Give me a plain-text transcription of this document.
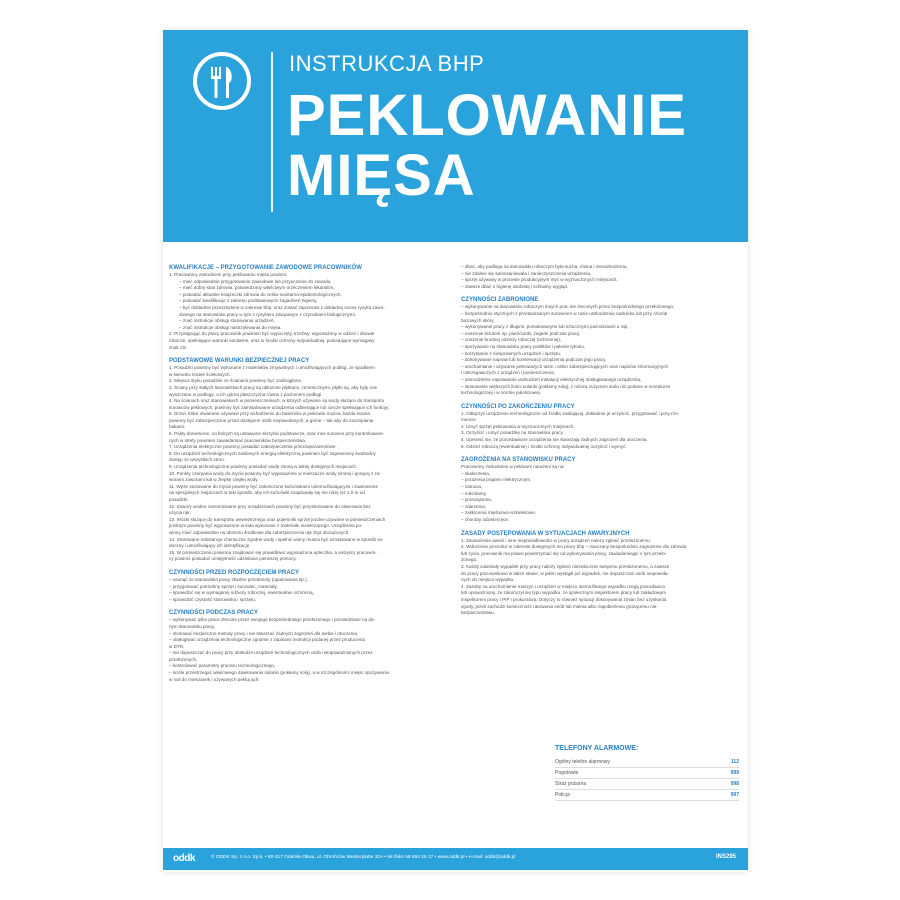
INSTRUKCJA BHP
PEKLOWANIE
MIĘSA
KWALIFIKACJE – PRZYGOTOWANIE ZAWODOWE PRACOWNIKÓW
1. Pracownicy zatrudnieni przy peklowaniu mięsa powinni:
– mieć odpowiednie przygotowanie zawodowe lub przyuczenie do zawodu,
– mieć dobry stan zdrowia, potwierdzony właściwym orzeczeniem lekarskim,
– posiadać aktualne książeczki zdrowia do celów sanitarno-epidemiologicznych,
– posiadać kwalifikacje z zakresu podstawowych zagadnień higieny,
– być dokładnie przeszkolone w zakresie bhp, oraz zostać zapoznani z dokładną ocenę ryzyka zawo-
dowego na stanowisku pracy w tym z ryzykiem związanym z czynnikami biologicznymi,
– znać instrukcje obsługi stosowania urządzeń,
– znać instrukcje obsługi nastrzykiwania do mięsa.
2. Przystępując do pracy pracownik powinien być wypoczęty, trzeźwy, wyposażony w odzież i obuwie
robocze, spełniające warunki sanitarne, oraz w środki ochrony indywidualnej, posiadające wymagany
znak CE.
PODSTAWOWE WARUNKI BEZPIECZNEJ PRACY
1. Posadzki powinny być wykonane z materiałów zmywalnych i umożliwiających podłóg, ze spadkiem
w kierunku kratek ściekowych.
2. Miejsca styku posadzek ze ścianami powinny być zaokrąglone.
3. Ściany przy stałych stanowiskach pracy są obłożone płytkami, ceramicznymi, płytki są, aby były one
wyszczane w podłogę, a ich górna płaszczyzna równa z poziomem podłogi.
4. Na ścianach oraz stanowiskach w pomieszczeniach, w których używane są wody służące do transportu
surowców peklowych, powinny być zainstalowane urządzenia odbierające lub ciecze spełniające ich funkcję.
5. Drzwi, które otwierane używane przy wchodzeniu do baseniów w pełnowie można, każda ściana
powinny być zabezpieczone przed dostępem osób niepowołanych, a górne – tak aby do zaczepiania
hakami.
6. Pakty doniesione, na których są ustawiane skrzynki podstawcze, oraz inne surowce przy kontrolowane-
nych w strefy powinien zawiadamiać pracowników bezpieczeństwa.
7. Urządzenia elektryczne powinny posiadać zabezpieczenia przeciwporażeniowe.
8. Do urządzeń technologicznych zasilanych energią elektryczną powinien być zapewniony swobodny
dostęp ze wszystkich stron.
9. Urządzenia technologiczne powinny posiadać wodę zimną w takiej dostępnych miejscach.
10. Punkty czerpania wody do mycia powinny być wyposażone w mieszacze wody zimnej i gorącej z za-
worami zaworami lub w zlepkę ciepłej wody.
11. Węże stosowane do mycia powinny być zakończone końcówkami uniemożliwiającymi i zawieszone
na specjalnych zwijaczach w taki sposób, aby ich końcówki znajdowały się nie niżej niż 1,0 m od
posadzki.
12. Zawory wodne zamontowane przy urządzeniach powinny być przystosowane do otwierania bez
użycia rąk.
13. Wózki służące do transportu wewnętrznego oraz pojemniki sprzęt jezdne używane w pomieszczeniach
jezdnym powinny być wyposażone w koła wykonane z materiału nieiskrzącego. Urządzenia po-
winny mieć odpowiednie na obrzeżu środkowe dla zabezpieczenia rąk zbyt obciążonych.
14. Stosowane substancje chemiczne zgodne wody i spełnić winny musza być oznakowane w sposób wi-
doczny i umożliwiający ich identyfikację.
15. W pomieszczeniu powinna znajdować się prawidłowo wyposażona apteczka, a wszyscy pracowni-
cy powinni posiadać umiejętność udzielania pierwszej pomocy.
CZYNNOŚCI PRZED ROZPOCZĘCIEM PRACY
– usunąć ze stanowiska pracy zbędne przedmioty (opakowania itp.),
– przygotować potrzebny sprzęt i surowiec, materiały,
– sprawdzić się w wymaganej odzieży roboczej, ewentualnie ochronną,
– sprawdzić czystość stanowiska i sprzętu.
CZYNNOŚCI PODCZAS PRACY
– wykonywać tylko prace zlecone przez swojego bezpośredniego przełożonego i przewidziane na da-
nym stanowisku pracy,
– stosować bezpieczne metody pracy i nie stwarzać żadnych zagrożeń dla siebie i otoczenia,
– obsługiwać urządzenia technologiczne zgodnie z zapisami instrukcji podanej przez producenta
w DTR,
– nie dopuszczać do pracy przy obsłudze urządzeń technologicznych osób nieupoważnionych przez
przełożonych,
– kontrolować parametry procesu technologicznego,
– ściśle przestrzegać właściwego dawkowania solanki (pokłamy solą), a w szczególności miejsc spożywania
w soli do mieszanek i używanych pekluj ąch.
– dbać, aby podłoga na stanowisku roboczym była sucha, równa i nieuszkodzona,
– nie zdalnie się samozaniewała i zanieczyszczenia urządzenia,
– sprzęt używany w procesie produkcyjnym myć w wyznaczonych miejscach,
– zawsze dbać o higienę osobistą i schludny wygląd.
CZYNNOŚCI ZABRONIONE
– wykonywanie na stanowisku roboczym innych prac nie zleconych przez bezpośredniego przełożonego,
– bezpośrednio stycznych z przetwarzanym surowcem w razie uszkodzenia naskórka lub przy chorób
bazowych skóry,
– wykonywanie pracy z długimi, pomalowanymi lub sztucznymi paznokciami u rąk,
– noszenie biżuterii np. pierścionki, zegarki podczas pracy,
– noszenie brudnej odzieży roboczej (ochronnej),
– spożywanie na stanowisku pracy posiłków i palenie tytoniu,
– korzystanie z niesprawnych urządzeń i sprzętu,
– dokonywanie napraw lub konserwacji urządzenia podczas jego pracy,
– uruchamianie i używanie pełnowarych taśm i osłon zabezpieczających oraz napisów informacyjnych
i ostrzegawczych z urządzeń i pomieszczenia,
– samodzielne naprawianie uszkodzeń instalacji elektrycznej obsługiwanego urządzenia,
– stosowanie większych ilości solanki (pokłamy solą), z niższą zużyciem sodu niż podane w recepturze
technologicznej i w normie jakościowej.
CZYNNOŚCI PO ZAKOŃCZENIU PRACY
1. Odłączyć urządzenie technologiczne od źródła zasilającej, dokładnie je oczyścić, przygotować i przy-rżn-
mencie.
2. Umyć sprzęt peklowania w wyznaczonych miejscach.
3. Oczyścić i umyć posadzkę na stanowisku pracy.
4. Upewnić się, że pozostawione urządzenia nie stwarzają żadnych zagrożeń dla otoczenia.
5. Odzież roboczą (ewentualnie) i środki ochrony indywidualnej oczyścić i wymyć.
ZAGROŻENIA NA STANOWISKU PRACY
Pracownicy zatrudnieni w peklowni narażeni są na:
– skaleczenia,
– porażenia prądem elektrycznym,
– zatrucia,
– mikrolamy,
– przeciążenia,
– zdarzenia,
– zakłócenia mięśniowo-szkieletowe,
– choroby odzwierzęce.
ZASADY POSTĘPOWANIA W SYTUACJACH AWARYJNYCH
1. Zauważenie awarii i inne nieprawidłowości w pracy urządzeń należy zgłosić przełożonemu.
2. Wdrożenie procedur w zakresie dostępnych mu pracy bhp – nauczany bezpośrednio zagrożenie dla zdrowia
lub życia, pracownik ma prawo powstrzymać się od wykonywania pracy, zawiadamiając o tym przeło-
żonego.
3. Każdy zaistniały wypadek przy pracy należy zgłosić niezwłocznie swojemu przełożonemu, a zawsze
do pracy pracownikowi w takim stanie, w jakim wystąpił już wypadek, nie dopuszczać osób niepowoła-
nych do miejsca wypadku.
4. Zasoby na uruchomienie maszyn i urządzeń w miejscu niemożliwego wypadku mogą pracodawca
lub upoważniony, że zakończył się typu wypadku, ze społecznym inspektorem pracy lub zakładowym
inspektorem pracy i PIP i prokuraturą. Dotyczy to również sytuacji dokonywania zmian bez uzyskania
zgody, jeżeli zachodzi konieczność ratowania osób lub mienia albo zapobieżenia grożącemu nie-
bezpieczeństwu.
TELEFONY ALARMOWE:
Ogólny telefon alarmowy	112
Pogotowie	999
Straż pożarna	998
Policja	997
oddk	© ODDK Sp. z o.o. Sp.k. • 80-317 Gdańsk-Oliwa, ul. Obrońców Westerplatte 32A • tel./faks 58 554 29 17 • www.oddk.pl • e-mail: oddk@oddk.pl	INS295
